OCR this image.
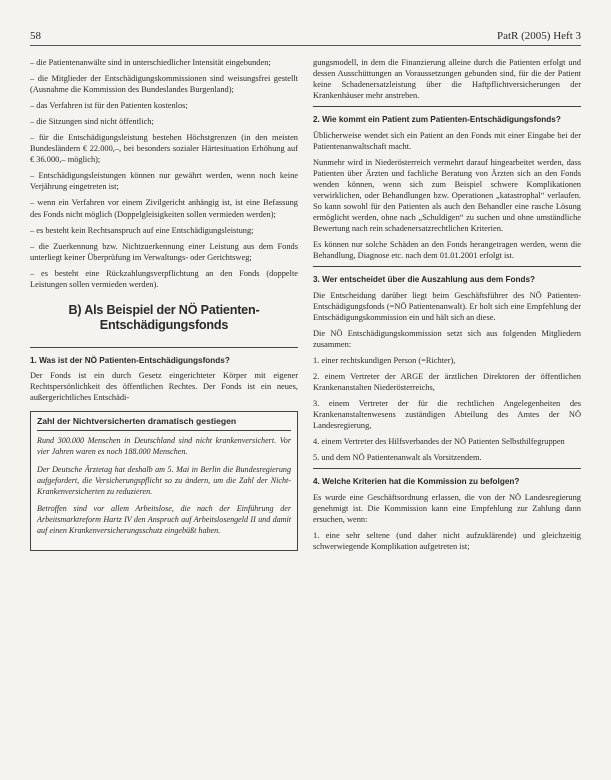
58	PatR (2005) Heft 3

– die Patientenanwälte sind in unterschiedlicher Intensität eingebunden;

– die Mitglieder der Entschädigungskommissionen sind weisungsfrei gestellt (Ausnahme die Kommission des Bundeslandes Burgenland);

– das Verfahren ist für den Patienten kostenlos;

– die Sitzungen sind nicht öffentlich;

– für die Entschädigungsleistung bestehen Höchstgrenzen (in den meisten Bundesländern € 22.000,–, bei besonders sozialer Härtesituation Erhöhung auf € 36.000,– möglich);

– Entschädigungsleistungen können nur gewährt werden, wenn noch keine Verjährung eingetreten ist;

– wenn ein Verfahren vor einem Zivilgericht anhängig ist, ist eine Befassung des Fonds nicht möglich (Doppelgleisigkeiten sollen vermieden werden);

– es besteht kein Rechtsanspruch auf eine Entschädigungsleistung;

– die Zuerkennung bzw. Nichtzuerkennung einer Leistung aus dem Fonds unterliegt keiner Überprüfung im Verwaltungs- oder Gerichtsweg;

– es besteht eine Rückzahlungsverpflichtung an den Fonds (doppelte Leistungen sollen vermieden werden).

B) Als Beispiel der NÖ Patienten-Entschädigungsfonds
1. Was ist der NÖ Patienten-Entschädigungsfonds?

Der Fonds ist ein durch Gesetz eingerichteter Körper mit eigener Rechtspersönlichkeit des öffentlichen Rechtes. Der Fonds ist ein neues, außergerichtliches Entschädi-

Zahl der Nichtversicherten dramatisch gestiegen

Rund 300.000 Menschen in Deutschland sind nicht krankenversichert. Vor vier Jahren waren es noch 188.000 Menschen.

Der Deutsche Ärztetag hat deshalb am 5. Mai in Berlin die Bundesregierung aufgefordert, die Versicherungspflicht so zu ändern, um die Zahl der Nicht-Krankenversicherten zu reduzieren.

Betroffen sind vor allem Arbeitslose, die nach der Einführung der Arbeitsmarktreform Hartz IV den Anspruch auf Arbeitslosengeld II und damit auf einen Krankenversicherungsschutz eingebüßt haben.

gungsmodell, in dem die Finanzierung alleine durch die Patienten erfolgt und dessen Ausschüttungen an Voraussetzungen gebunden sind, für die der Patient keine Schadenersatzleistung über die Haftpflichtversicherungen der Krankenhäuser mehr anstreben.

2. Wie kommt ein Patient zum Patienten-Entschädigungsfonds?

Üblicherweise wendet sich ein Patient an den Fonds mit einer Eingabe bei der Patientenanwaltschaft macht.

Nunmehr wird in Niederösterreich vermehrt darauf hingearbeitet werden, dass Patienten über Ärzten und fachliche Beratung von Ärzten sich an den Fonds wenden können, wenn sich zum Beispiel schwere Komplikationen verwirklichen, oder Behandlungen bzw. Operationen „katastrophal“ verlaufen. So kann sowohl für den Patienten als auch den Behandler eine rasche Lösung ermöglicht werden, ohne nach „Schuldigen“ zu suchen und ohne umständliche Bewertung nach rein schadenersatzrechtlichen Kriterien.

Es können nur solche Schäden an den Fonds herangetragen werden, wenn die Behandlung, Diagnose etc. nach dem 01.01.2001 erfolgt ist.

3. Wer entscheidet über die Auszahlung aus dem Fonds?

Die Entscheidung darüber liegt beim Geschäftsführer des NÖ Patienten-Entschädigungsfonds (=NÖ Patientenanwalt). Er holt sich eine Empfehlung der Entschädigungskommission ein und hält sich an diese.

Die NÖ Entschädigungskommission setzt sich aus folgenden Mitgliedern zusammen:

1. einer rechtskundigen Person (=Richter),

2. einem Vertreter der ARGE der ärztlichen Direktoren der öffentlichen Krankenanstalten Niederösterreichs,

3. einem Vertreter der für die rechtlichen Angelegenheiten des Krankenanstaltenwesens zuständigen Abteilung des Amtes der NÖ Landesregierung,

4. einem Vertreter des Hilfsverbandes der NÖ Patienten Selbsthilfegruppen

5. und dem NÖ Patientenanwalt als Vorsitzendem.

4. Welche Kriterien hat die Kommission zu befolgen?

Es wurde eine Geschäftsordnung erlassen, die von der NÖ Landesregierung genehmigt ist. Die Kommission kann eine Empfehlung zur Zahlung dann ersuchen, wenn:

1. eine sehr seltene (und daher nicht aufzuklärende) und gleichzeitig schwerwiegende Komplikation aufgetreten ist;
